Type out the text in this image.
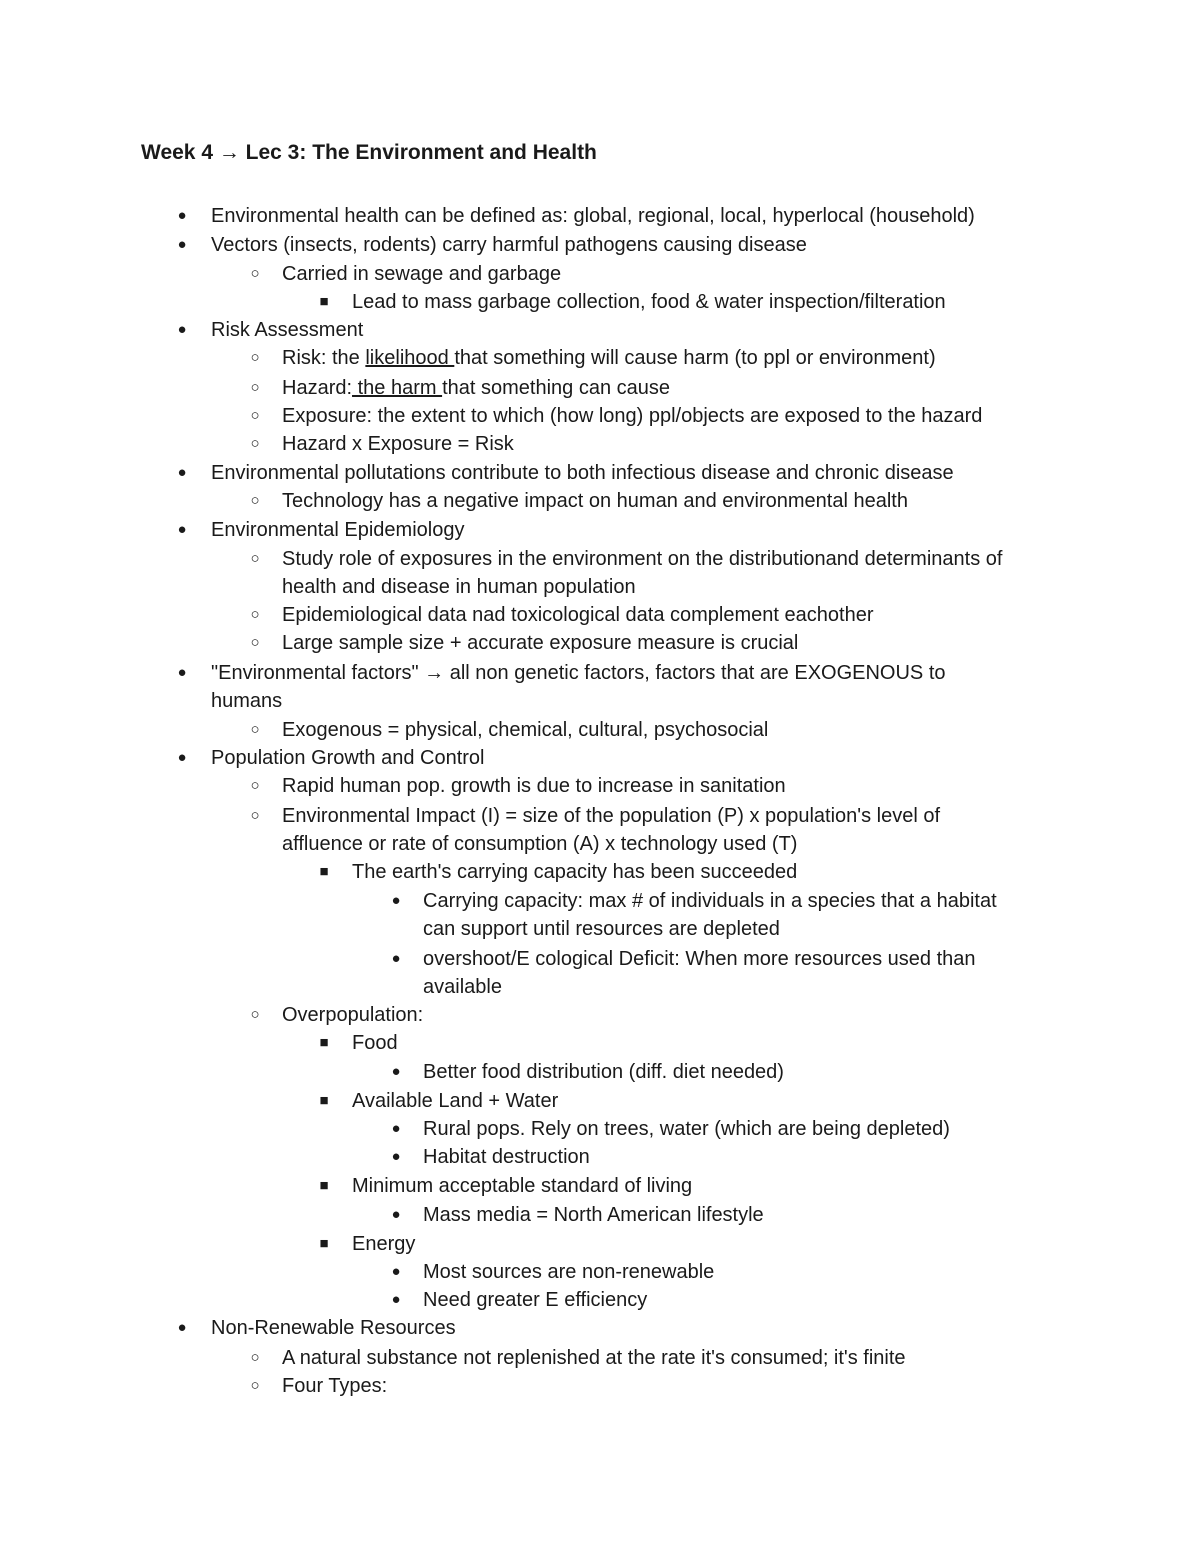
Week 4 → Lec 3: The Environment and Health
● Environmental health can be defined as: global, regional, local, hyperlocal (household)
● Vectors (insects, rodents) carry harmful pathogens causing disease
○ Carried in sewage and garbage
■ Lead to mass garbage collection, food & water inspection/filteration
● Risk Assessment
○ Risk: the likelihood that something will cause harm (to ppl or environment)
○ Hazard: the harm that something can cause
○ Exposure: the extent to which (how long) ppl/objects are exposed to the hazard
○ Hazard x Exposure = Risk
● Environmental pollutations contribute to both infectious disease and chronic disease
○ Technology has a negative impact on human and environmental health
● Environmental Epidemiology
○ Study role of exposures in the environment on the distributionand determinants of
health and disease in human population
○ Epidemiological data nad toxicological data complement eachother
○ Large sample size + accurate exposure measure is crucial
● "Environmental factors" → all non genetic factors, factors that are EXOGENOUS to
humans
○ Exogenous = physical, chemical, cultural, psychosocial
● Population Growth and Control
○ Rapid human pop. growth is due to increase in sanitation
○ Environmental Impact (I) = size of the population (P) x population's level of
affluence or rate of consumption (A) x technology used (T)
■ The earth's carrying capacity has been succeeded
● Carrying capacity: max # of individuals in a species that a habitat
can support until resources are depleted
● overshoot/E cological Deficit: When more resources used than
available
○ Overpopulation:
■ Food
● Better food distribution (diff. diet needed)
■ Available Land + Water
● Rural pops. Rely on trees, water (which are being depleted)
● Habitat destruction
■ Minimum acceptable standard of living
● Mass media = North American lifestyle
■ Energy
● Most sources are non-renewable
● Need greater E efficiency
● Non-Renewable Resources
○ A natural substance not replenished at the rate it's consumed; it's finite
○ Four Types:
